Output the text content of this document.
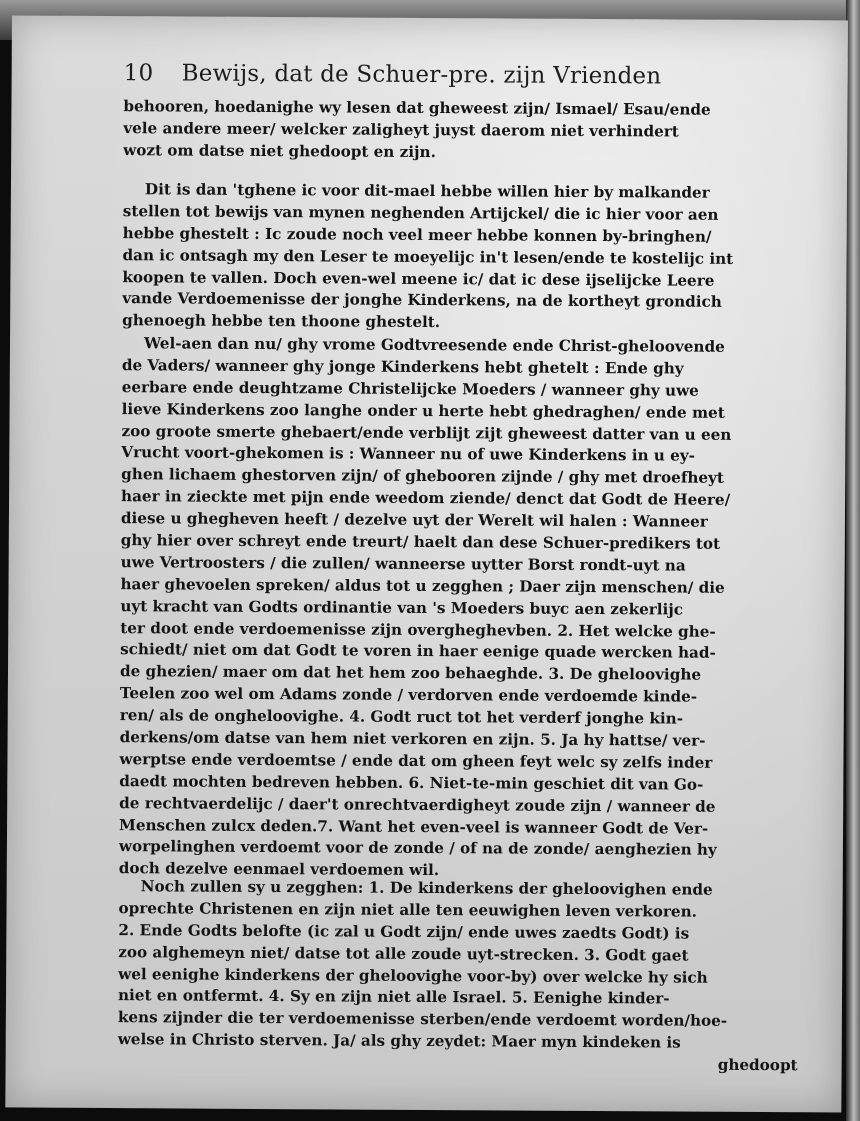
10 Bewijs, dat de Schuer-pre. zijn Vrienden
behooren, hoedanighe wy lesen dat gheweest zijn/ Ismael/ Esau/ende
vele andere meer/ welcker zaligheyt juyst daerom niet verhindert
wozt om datse niet ghedoopt en zijn.
Dit is dan 'tghene ic voor dit-mael hebbe willen hier by malkander
stellen tot bewijs van mynen neghenden Artijckel/ die ic hier voor aen
hebbe ghestelt : Ic zoude noch veel meer hebbe konnen by-bringhen/
dan ic ontsagh my den Leser te moeyelijc in't lesen/ende te kostelijc int
koopen te vallen. Doch even-wel meene ic/ dat ic dese ijselijcke Leere
vande Verdoemenisse der jonghe Kinderkens, na de kortheyt grondich
ghenoegh hebbe ten thoone ghestelt.
Wel-aen dan nu/ ghy vrome Godtvreesende ende Christ-gheloovende
de Vaders/ wanneer ghy jonge Kinderkens hebt ghetelt : Ende ghy
eerbare ende deughtzame Christelijcke Moeders / wanneer ghy uwe
lieve Kinderkens zoo langhe onder u herte hebt ghedraghen/ ende met
zoo groote smerte ghebaert/ende verblijt zijt gheweest datter van u een
Vrucht voort-ghekomen is : Wanneer nu of uwe Kinderkens in u ey-
ghen lichaem ghestorven zijn/ of ghebooren zijnde / ghy met droefheyt
haer in zieckte met pijn ende weedom ziende/ denct dat Godt de Heere/
diese u ghegheven heeft / dezelve uyt der Werelt wil halen : Wanneer
ghy hier over schreyt ende treurt/ haelt dan dese Schuer-predikers tot
uwe Vertroosters / die zullen/ wanneerse uytter Borst rondt-uyt na
haer ghevoelen spreken/ aldus tot u zegghen ; Daer zijn menschen/ die
uyt kracht van Godts ordinantie van 's Moeders buyc aen zekerlijc
ter doot ende verdoemenisse zijn overgheghevben. 2. Het welcke ghe-
schiedt/ niet om dat Godt te voren in haer eenige quade wercken had-
de ghezien/ maer om dat het hem zoo behaeghde. 3. De gheloovighe
Teelen zoo wel om Adams zonde / verdorven ende verdoemde kinde-
ren/ als de ongheloovighe. 4. Godt ruct tot het verderf jonghe kin-
derkens/om datse van hem niet verkoren en zijn. 5. Ja hy hattse/ ver-
werptse ende verdoemtse / ende dat om gheen feyt welc sy zelfs inder
daedt mochten bedreven hebben. 6. Niet-te-min geschiet dit van Go-
de rechtvaerdelijc / daer't onrechtvaerdigheyt zoude zijn / wanneer de
Menschen zulcx deden.7. Want het even-veel is wanneer Godt de Ver-
worpelinghen verdoemt voor de zonde / of na de zonde/ aenghezien hy
doch dezelve eenmael verdoemen wil.
Noch zullen sy u zegghen: 1. De kinderkens der gheloovighen ende
oprechte Christenen en zijn niet alle ten eeuwighen leven verkoren.
2. Ende Godts belofte (ic zal u Godt zijn/ ende uwes zaedts Godt) is
zoo alghemeyn niet/ datse tot alle zoude uyt-strecken. 3. Godt gaet
wel eenighe kinderkens der gheloovighe voor-by) over welcke hy sich
niet en ontfermt. 4. Sy en zijn niet alle Israel. 5. Eenighe kinder-
kens zijnder die ter verdoemenisse sterben/ende verdoemt worden/hoe-
welse in Christo sterven. Ja/ als ghy zeydet: Maer myn kindeken is
ghedoopt
